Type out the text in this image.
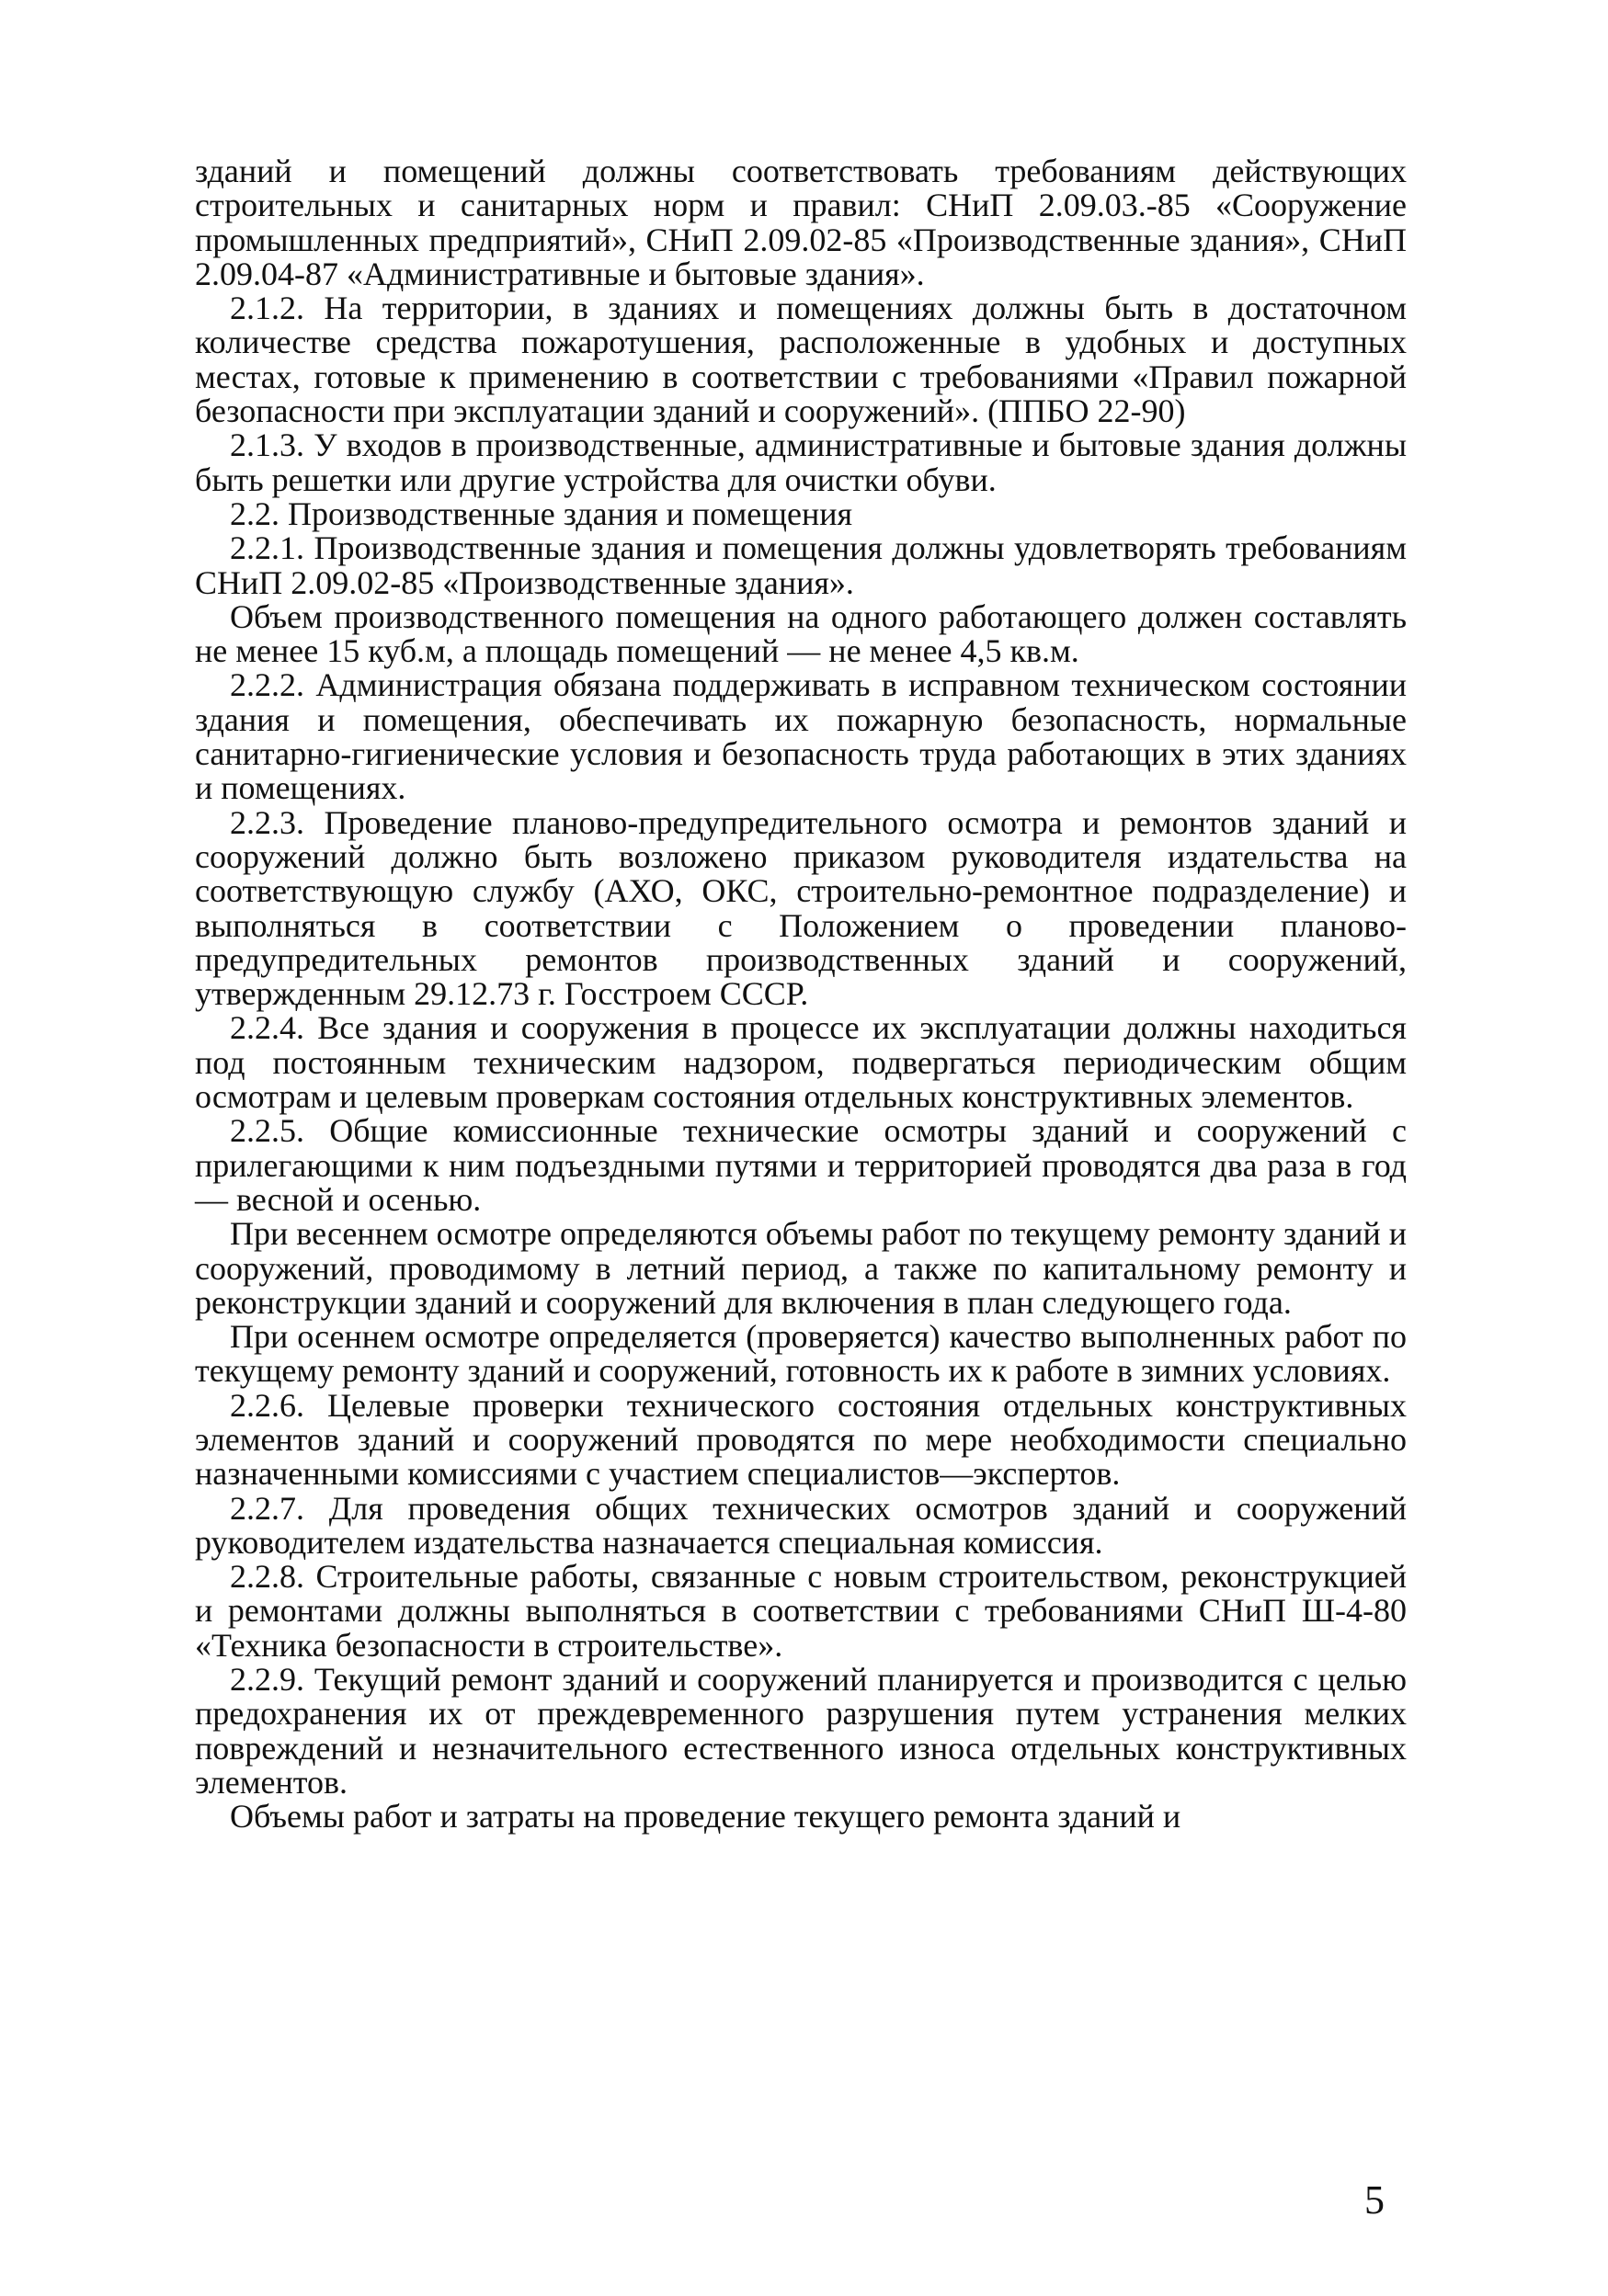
зданий и помещений должны соответствовать требованиям действующих строительных и санитарных норм и правил: СНиП 2.09.03.-85 «Сооружение промышленных предприятий», СНиП 2.09.02-85 «Производственные здания», СНиП 2.09.04-87 «Административные и бытовые здания».

2.1.2. На территории, в зданиях и помещениях должны быть в достаточном количестве средства пожаротушения, расположенные в удобных и доступных местах, готовые к применению в соответствии с требованиями «Правил пожарной безопасности при эксплуатации зданий и сооружений». (ППБО 22-90)

2.1.3. У входов в производственные, административные и бытовые здания должны быть решетки или другие устройства для очистки обуви.

2.2. Производственные здания и помещения

2.2.1. Производственные здания и помещения должны удовлетворять требованиям СНиП 2.09.02-85 «Производственные здания».

Объем производственного помещения на одного работающего должен составлять не менее 15 куб.м, а площадь помещений — не менее 4,5 кв.м.

2.2.2. Администрация обязана поддерживать в исправном техническом состоянии здания и помещения, обеспечивать их пожарную безопасность, нормальные санитарно-гигиенические условия и безопасность труда работающих в этих зданиях и помещениях.

2.2.3. Проведение планово-предупредительного осмотра и ремонтов зданий и сооружений должно быть возложено приказом руководителя издательства на соответствующую службу (АХО, ОКС, строительно-ремонтное подразделение) и выполняться в соответствии с Положением о проведении планово-предупредительных ремонтов производственных зданий и сооружений, утвержденным 29.12.73 г. Госстроем СССР.

2.2.4. Все здания и сооружения в процессе их эксплуатации должны находиться под постоянным техническим надзором, подвергаться периодическим общим осмотрам и целевым проверкам состояния отдельных конструктивных элементов.

2.2.5. Общие комиссионные технические осмотры зданий и сооружений с прилегающими к ним подъездными путями и территорией проводятся два раза в год — весной и осенью.

При весеннем осмотре определяются объемы работ по текущему ремонту зданий и сооружений, проводимому в летний период, а также по капитальному ремонту и реконструкции зданий и сооружений для включения в план следующего года.

При осеннем осмотре определяется (проверяется) качество выполненных работ по текущему ремонту зданий и сооружений, готовность их к работе в зимних условиях.

2.2.6. Целевые проверки технического состояния отдельных конструктивных элементов зданий и сооружений проводятся по мере необходимости специально назначенными комиссиями с участием специалистов—экспертов.

2.2.7. Для проведения общих технических осмотров зданий и сооружений руководителем издательства назначается специальная комиссия.

2.2.8. Строительные работы, связанные с новым строительством, реконструкцией и ремонтами должны выполняться в соответствии с требованиями СНиП Ш-4-80 «Техника безопасности в строительстве».

2.2.9. Текущий ремонт зданий и сооружений планируется и производится с целью предохранения их от преждевременного разрушения путем устранения мелких повреждений и незначительного естественного износа отдельных конструктивных элементов.

Объемы работ и затраты на проведение текущего ремонта зданий и

5
